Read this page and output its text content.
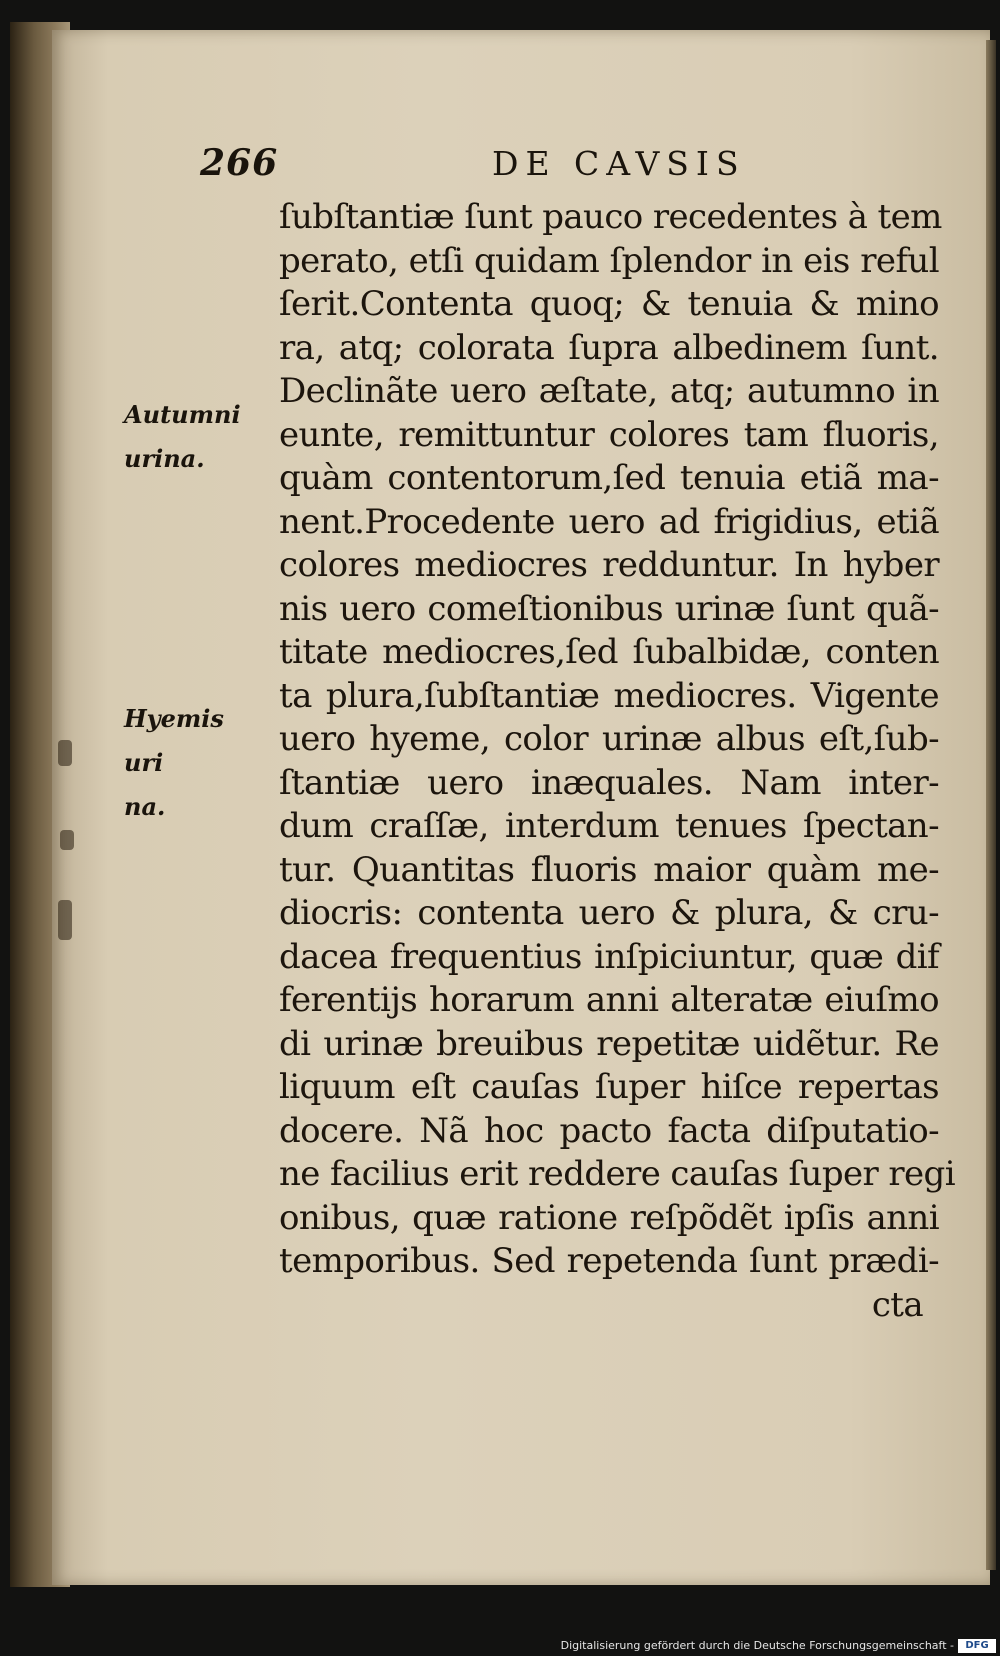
266	DE CAVSIS
Autumni
urina.
Hyemis uri
na.
ſubſtantiæ ſunt pauco recedentes à tem
perato, etſi quidam ſplendor in eis reful
ſerit.Contenta quoq; & tenuia & mino
ra, atq; colorata ſupra albedinem ſunt.
Declinãte uero æſtate, atq; autumno in
eunte, remittuntur colores tam fluoris,
quàm contentorum,ſed tenuia etiã ma-
nent.Procedente uero ad frigidius, etiã
colores mediocres redduntur. In hyber
nis uero comeſtionibus urinæ ſunt quã-
titate mediocres,ſed ſubalbidæ, conten
ta plura,ſubſtantiæ mediocres. Vigente
uero hyeme, color urinæ albus eſt,ſub-
ſtantiæ uero inæquales. Nam inter-
dum craſſæ, interdum tenues ſpectan-
tur. Quantitas fluoris maior quàm me-
diocris: contenta uero & plura, & cru-
dacea frequentius inſpiciuntur, quæ dif
ferentijs horarum anni alteratæ eiuſmo
di urinæ breuibus repetitæ uidẽtur. Re
liquum eſt cauſas ſuper hiſce repertas
docere. Nã hoc pacto facta diſputatio-
ne facilius erit reddere cauſas ſuper regi
onibus, quæ ratione reſpõdẽt ipſis anni
temporibus. Sed repetenda ſunt prædi-
cta
Digitalisierung gefördert durch die Deutsche Forschungsgemeinschaft -	DFG
